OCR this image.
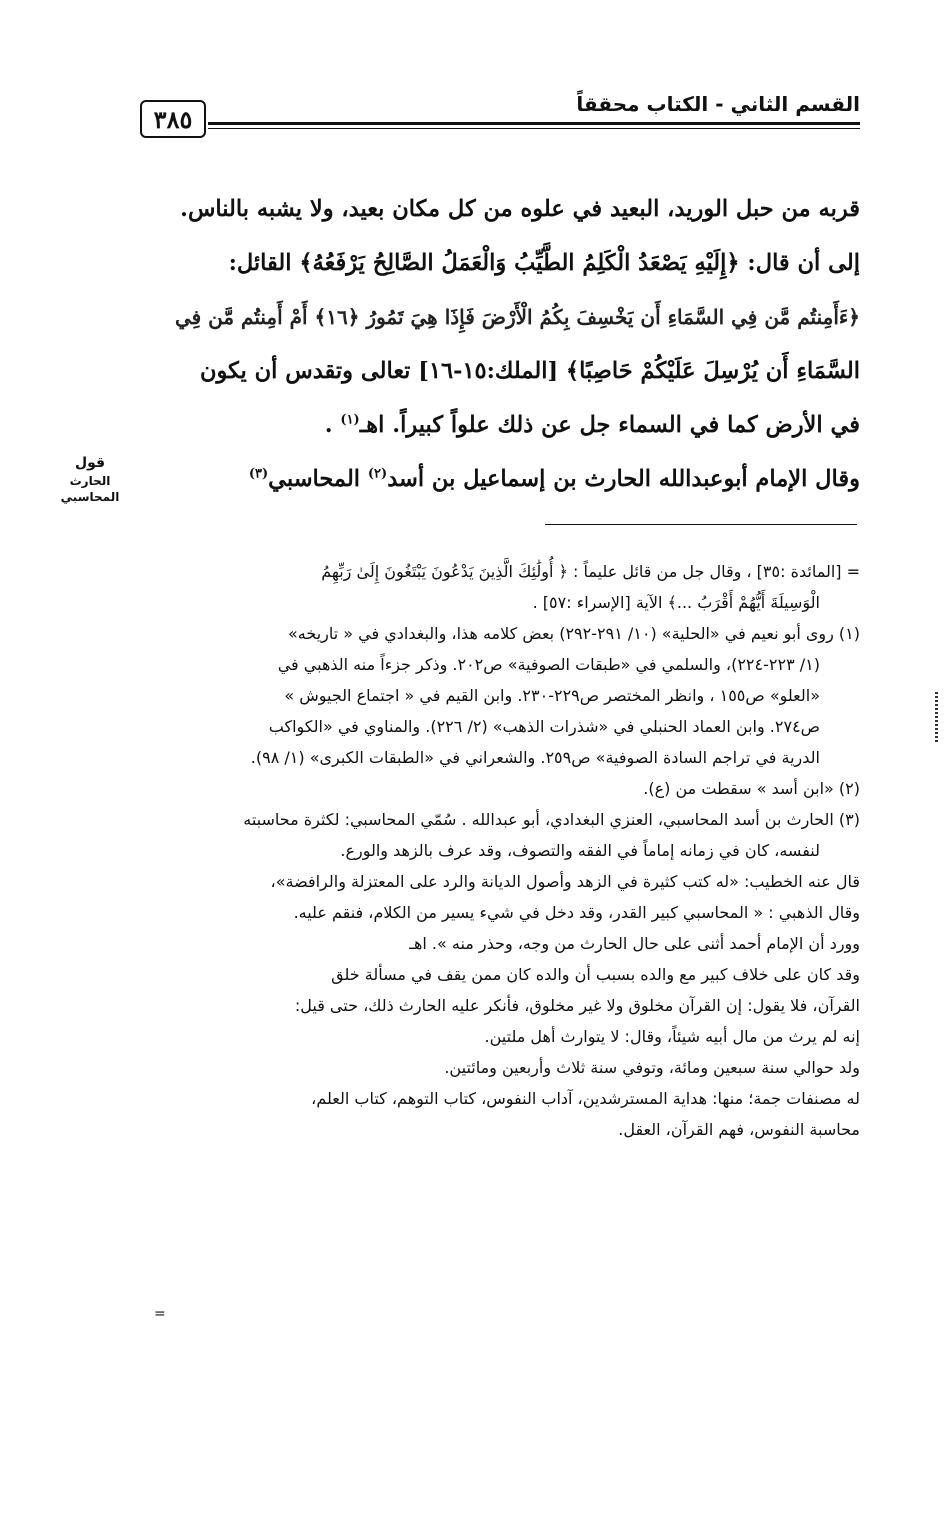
٣٨٥
القسم الثاني - الكتاب محققاً
قربه من حبل الوريد، البعيد في علوه من كل مكان بعيد، ولا يشبه بالناس.
إلى أن قال: ﴿إِلَيْهِ يَصْعَدُ الْكَلِمُ الطَّيِّبُ وَالْعَمَلُ الصَّالِحُ يَرْفَعُهُ﴾ القائل:
﴿ءَأَمِنتُم مَّن فِي السَّمَاءِ أَن يَخْسِفَ بِكُمُ الْأَرْضَ فَإِذَا هِيَ تَمُورُ ﴿١٦﴾ أَمْ أَمِنتُم مَّن فِي
السَّمَاءِ أَن يُرْسِلَ عَلَيْكُمْ حَاصِبًا﴾ [الملك:١٥-١٦] تعالى وتقدس أن يكون
في الأرض كما في السماء جل عن ذلك علواً كبيراً. اهـ$^{(١)}$ .
وقال الإمام أبوعبدالله الحارث بن إسماعيل بن أسد$^{(٢)}$ المحاسبي$^{(٣)}$
قول
الحارث
المحاسبي
= [المائدة :٣٥] ، وقال جل من قائل عليماً : ﴿ أُولَٰئِكَ الَّذِينَ يَدْعُونَ يَبْتَغُونَ إِلَىٰ رَبِّهِمُ
الْوَسِيلَةَ أَيُّهُمْ أَقْرَبُ ...﴾ الآية [الإسراء :٥٧] .
(١) روى أبو نعيم في «الحلية» (١٠/ ٢٩١-٢٩٢) بعض كلامه هذا، والبغدادي في « تاريخه»
(١/ ٢٢٣-٢٢٤)، والسلمي في «طبقات الصوفية» ص٢٠٢. وذكر جزءاً منه الذهبي في
«العلو» ص١٥٥ ، وانظر المختصر ص٢٢٩-٢٣٠. وابن القيم في « اجتماع الجيوش »
ص٢٧٤. وابن العماد الحنبلي في «شذرات الذهب» (٢/ ٢٢٦). والمناوي في «الكواكب
الدرية في تراجم السادة الصوفية» ص٢٥٩. والشعراني في «الطبقات الكبرى» (١/ ٩٨).
(٢) «ابن أسد » سقطت من (ع).
(٣) الحارث بن أسد المحاسبي، العنزي البغدادي، أبو عبدالله . سُمّي المحاسبي: لكثرة محاسبته
لنفسه، كان في زمانه إماماً في الفقه والتصوف، وقد عرف بالزهد والورع.
قال عنه الخطيب: «له كتب كثيرة في الزهد وأصول الديانة والرد على المعتزلة والرافضة»،
وقال الذهبي : « المحاسبي كبير القدر، وقد دخل في شيء يسير من الكلام، فنقم عليه.
وورد أن الإمام أحمد أثنى على حال الحارث من وجه، وحذر منه ». اهـ
وقد كان على خلاف كبير مع والده بسبب أن والده كان ممن يقف في مسألة خلق
القرآن، فلا يقول: إن القرآن مخلوق ولا غير مخلوق، فأنكر عليه الحارث ذلك، حتى قيل:
إنه لم يرث من مال أبيه شيئاً، وقال: لا يتوارث أهل ملتين.
ولد حوالي سنة سبعين ومائة، وتوفي سنة ثلاث وأربعين ومائتين.
له مصنفات جمة؛ منها: هداية المسترشدين، آداب النفوس، كتاب التوهم، كتاب العلم،
محاسبة النفوس، فهم القرآن، العقل.
=
